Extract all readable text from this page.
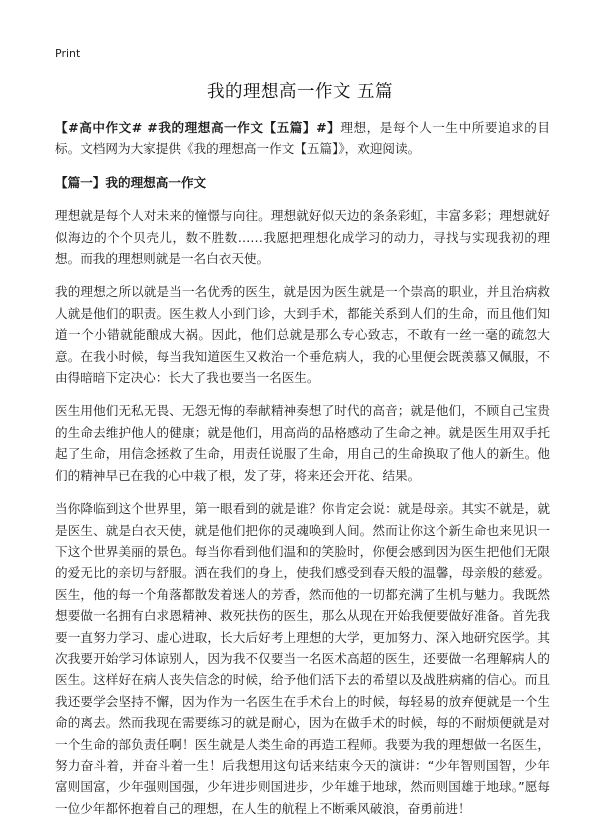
Print
我的理想高一作文 五篇

【#高中作文# #我的理想高一作文【五篇】#】理想，是每个人一生中所要追求的目标。文档网为大家提供《我的理想高一作文【五篇】》，欢迎阅读。

【篇一】我的理想高一作文

理想就是每个人对未来的憧憬与向往。理想就好似天边的条条彩虹，丰富多彩；理想就好似海边的个个贝壳儿，数不胜数……我愿把理想化成学习的动力，寻找与实现我初的理想。而我的理想则就是一名白衣天使。

我的理想之所以就是当一名优秀的医生，就是因为医生就是一个崇高的职业，并且治病救人就是他们的职责。医生救人小到门诊，大到手术，都能关系到人们的生命，而且他们知道一个小错就能酿成大祸。因此，他们总就是那么专心致志，不敢有一丝一毫的疏忽大意。在我小时候，每当我知道医生又救治一个垂危病人，我的心里便会既羡慕又佩服，不由得暗暗下定决心：长大了我也要当一名医生。

医生用他们无私无畏、无怨无悔的奉献精神奏想了时代的高音；就是他们，不顾自己宝贵的生命去维护他人的健康；就是他们，用高尚的品格感动了生命之神。就是医生用双手托起了生命，用信念拯救了生命，用责任说服了生命，用自己的生命换取了他人的新生。他们的精神早已在我的心中栽了根，发了芽，将来还会开花、结果。

当你降临到这个世界里，第一眼看到的就是谁？你肯定会说：就是母亲。其实不就是，就是医生、就是白衣天使，就是他们把你的灵魂唤到人间。然而让你这个新生命也来见识一下这个世界美丽的景色。每当你看到他们温和的笑脸时，你便会感到因为医生把他们无限的爱无比的亲切与舒服。洒在我们的身上，使我们感受到春天般的温馨，母亲般的慈爱。医生，他的每一个角落都散发着迷人的芳香，然而他的一切都充满了生机与魅力。我既然想要做一名拥有白求恩精神、救死扶伤的医生，那么从现在开始我便要做好准备。首先我要一直努力学习、虚心进取，长大后好考上理想的大学，更加努力、深入地研究医学。其次我要开始学习体谅别人，因为我不仅要当一名医术高超的医生，还要做一名理解病人的医生。这样好在病人丧失信念的时候，给予他们活下去的希望以及战胜病痛的信心。而且我还要学会坚持不懈，因为作为一名医生在手术台上的时候，每轻易的放弃便就是一个生命的离去。然而我现在需要练习的就是耐心，因为在做手术的时候，每的不耐烦便就是对一个生命的部负责任啊！医生就是人类生命的再造工程师。我要为我的理想做一名医生，努力奋斗着，并奋斗着一生！后我想用这句话来结束今天的演讲：“少年智则国智，少年富则国富，少年强则国强，少年进步则国进步，少年雄于地球，然而则国雄于地球。”愿每一位少年都怀抱着自己的理想，在人生的航程上不断乘风破浪，奋勇前进！
